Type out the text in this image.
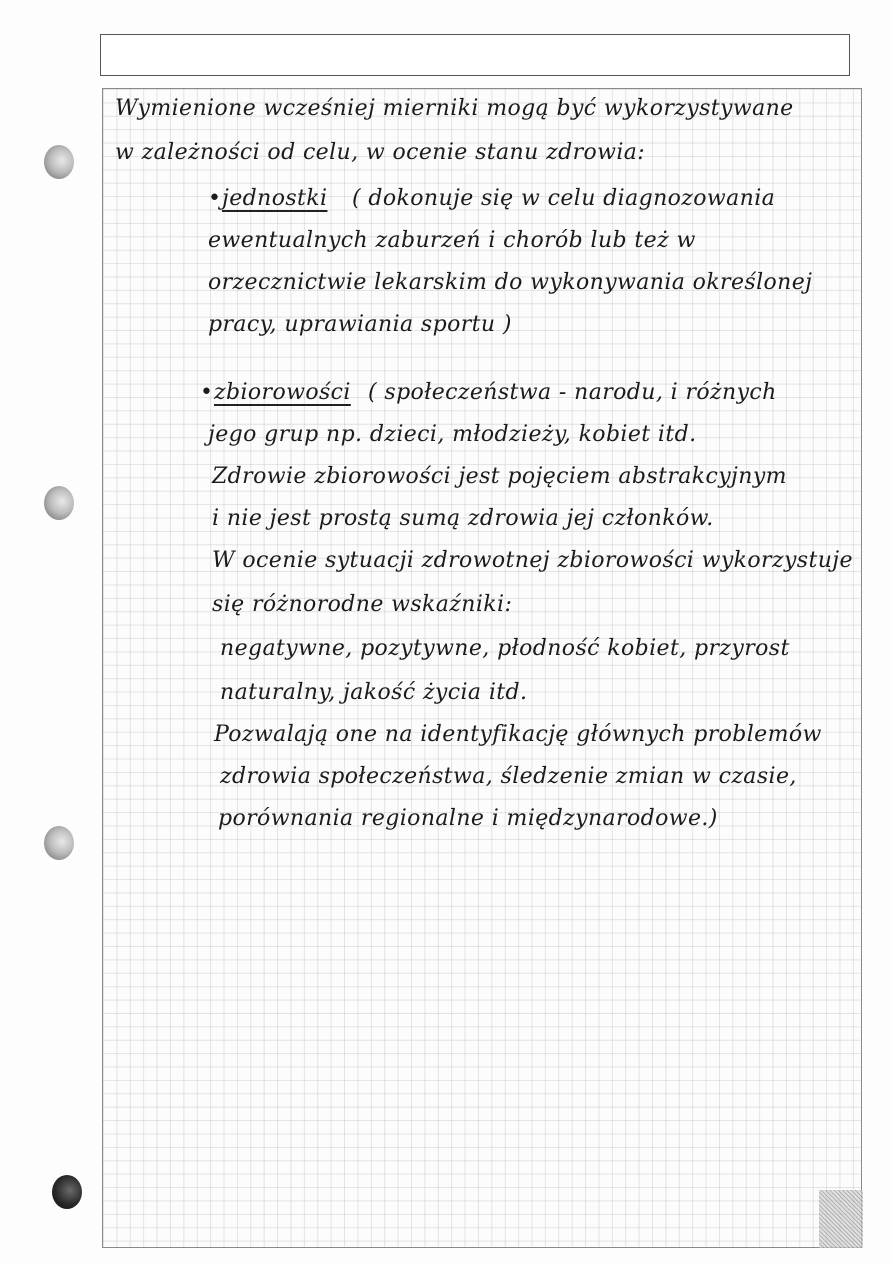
Wymienione wcześniej mierniki mogą być wykorzystywane

w zależności od celu, w ocenie stanu zdrowia:

• jednostki ( dokonuje się w celu diagnozowania

ewentualnych zaburzeń i chorób lub też w

orzecznictwie lekarskim do wykonywania określonej

pracy, uprawiania sportu )

• zbiorowości ( społeczeństwa - narodu, i różnych

jego grup np. dzieci, młodzieży, kobiet itd.

Zdrowie zbiorowości jest pojęciem abstrakcyjnym

i nie jest prostą sumą zdrowia jej członków.

W ocenie sytuacji zdrowotnej zbiorowości wykorzystuje

się różnorodne wskaźniki:

negatywne, pozytywne, płodność kobiet, przyrost

naturalny, jakość życia itd.

Pozwalają one na identyfikację głównych problemów

zdrowia społeczeństwa, śledzenie zmian w czasie,

porównania regionalne i międzynarodowe.)
